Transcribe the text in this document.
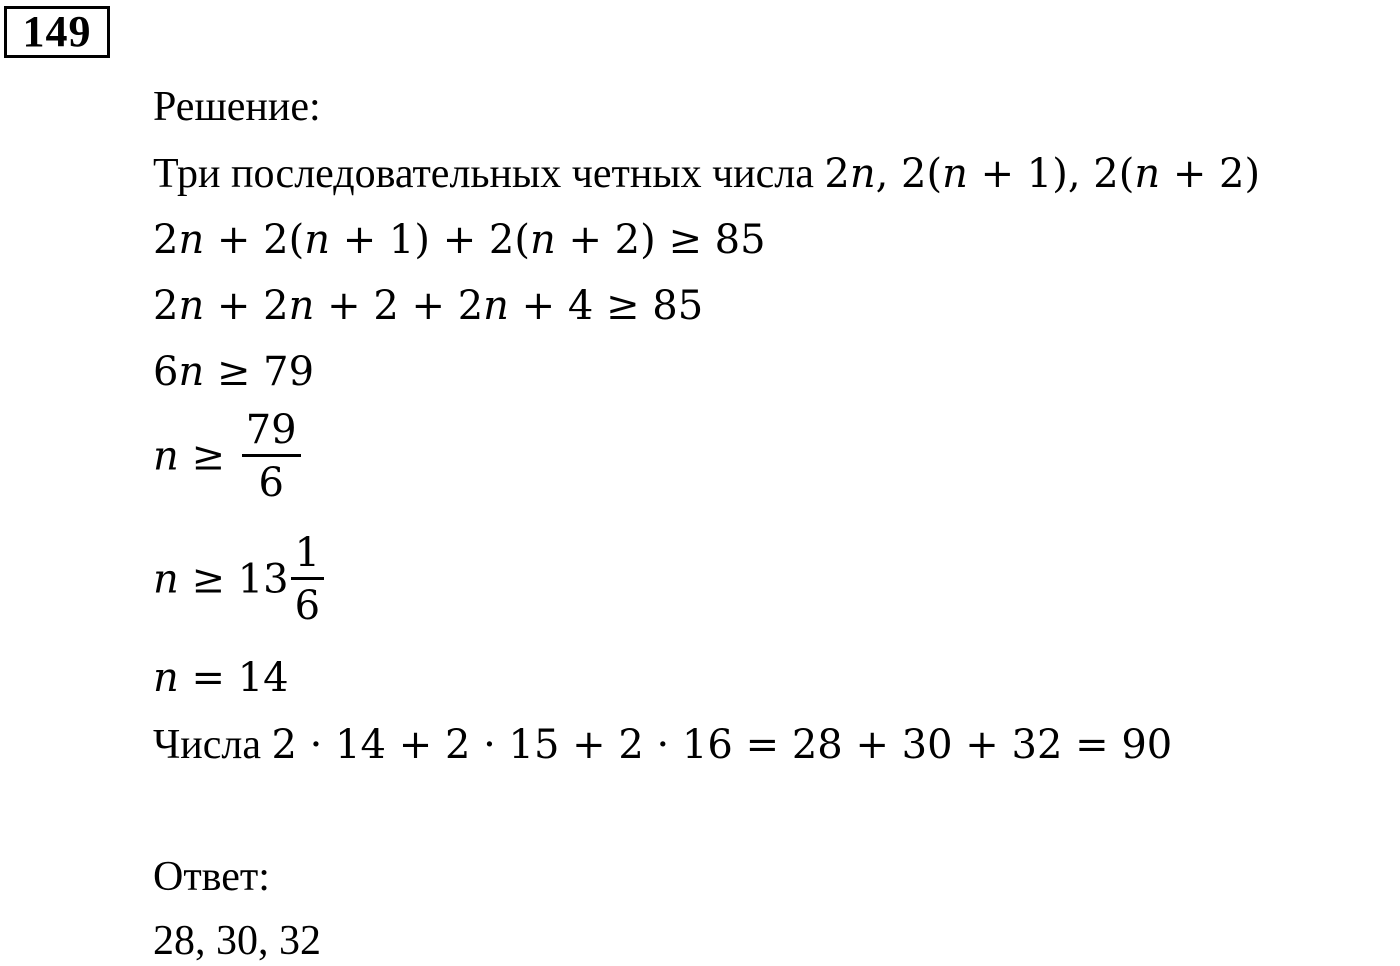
149
Решение:
Три последовательных четных числа 2𝑛, 2(𝑛 + 1), 2(𝑛 + 2)
2𝑛 + 2(𝑛 + 1) + 2(𝑛 + 2) ≥ 85
2𝑛 + 2𝑛 + 2 + 2𝑛 + 4 ≥ 85
6𝑛 ≥ 79
𝑛 ≥ $\frac{79}{6}$
𝑛 ≥ $13 \frac{1}{6}$
𝑛 = 14
Числа 2 · 14 + 2 · 15 + 2 · 16 = 28 + 30 + 32 = 90
Ответ:
28, 30, 32
